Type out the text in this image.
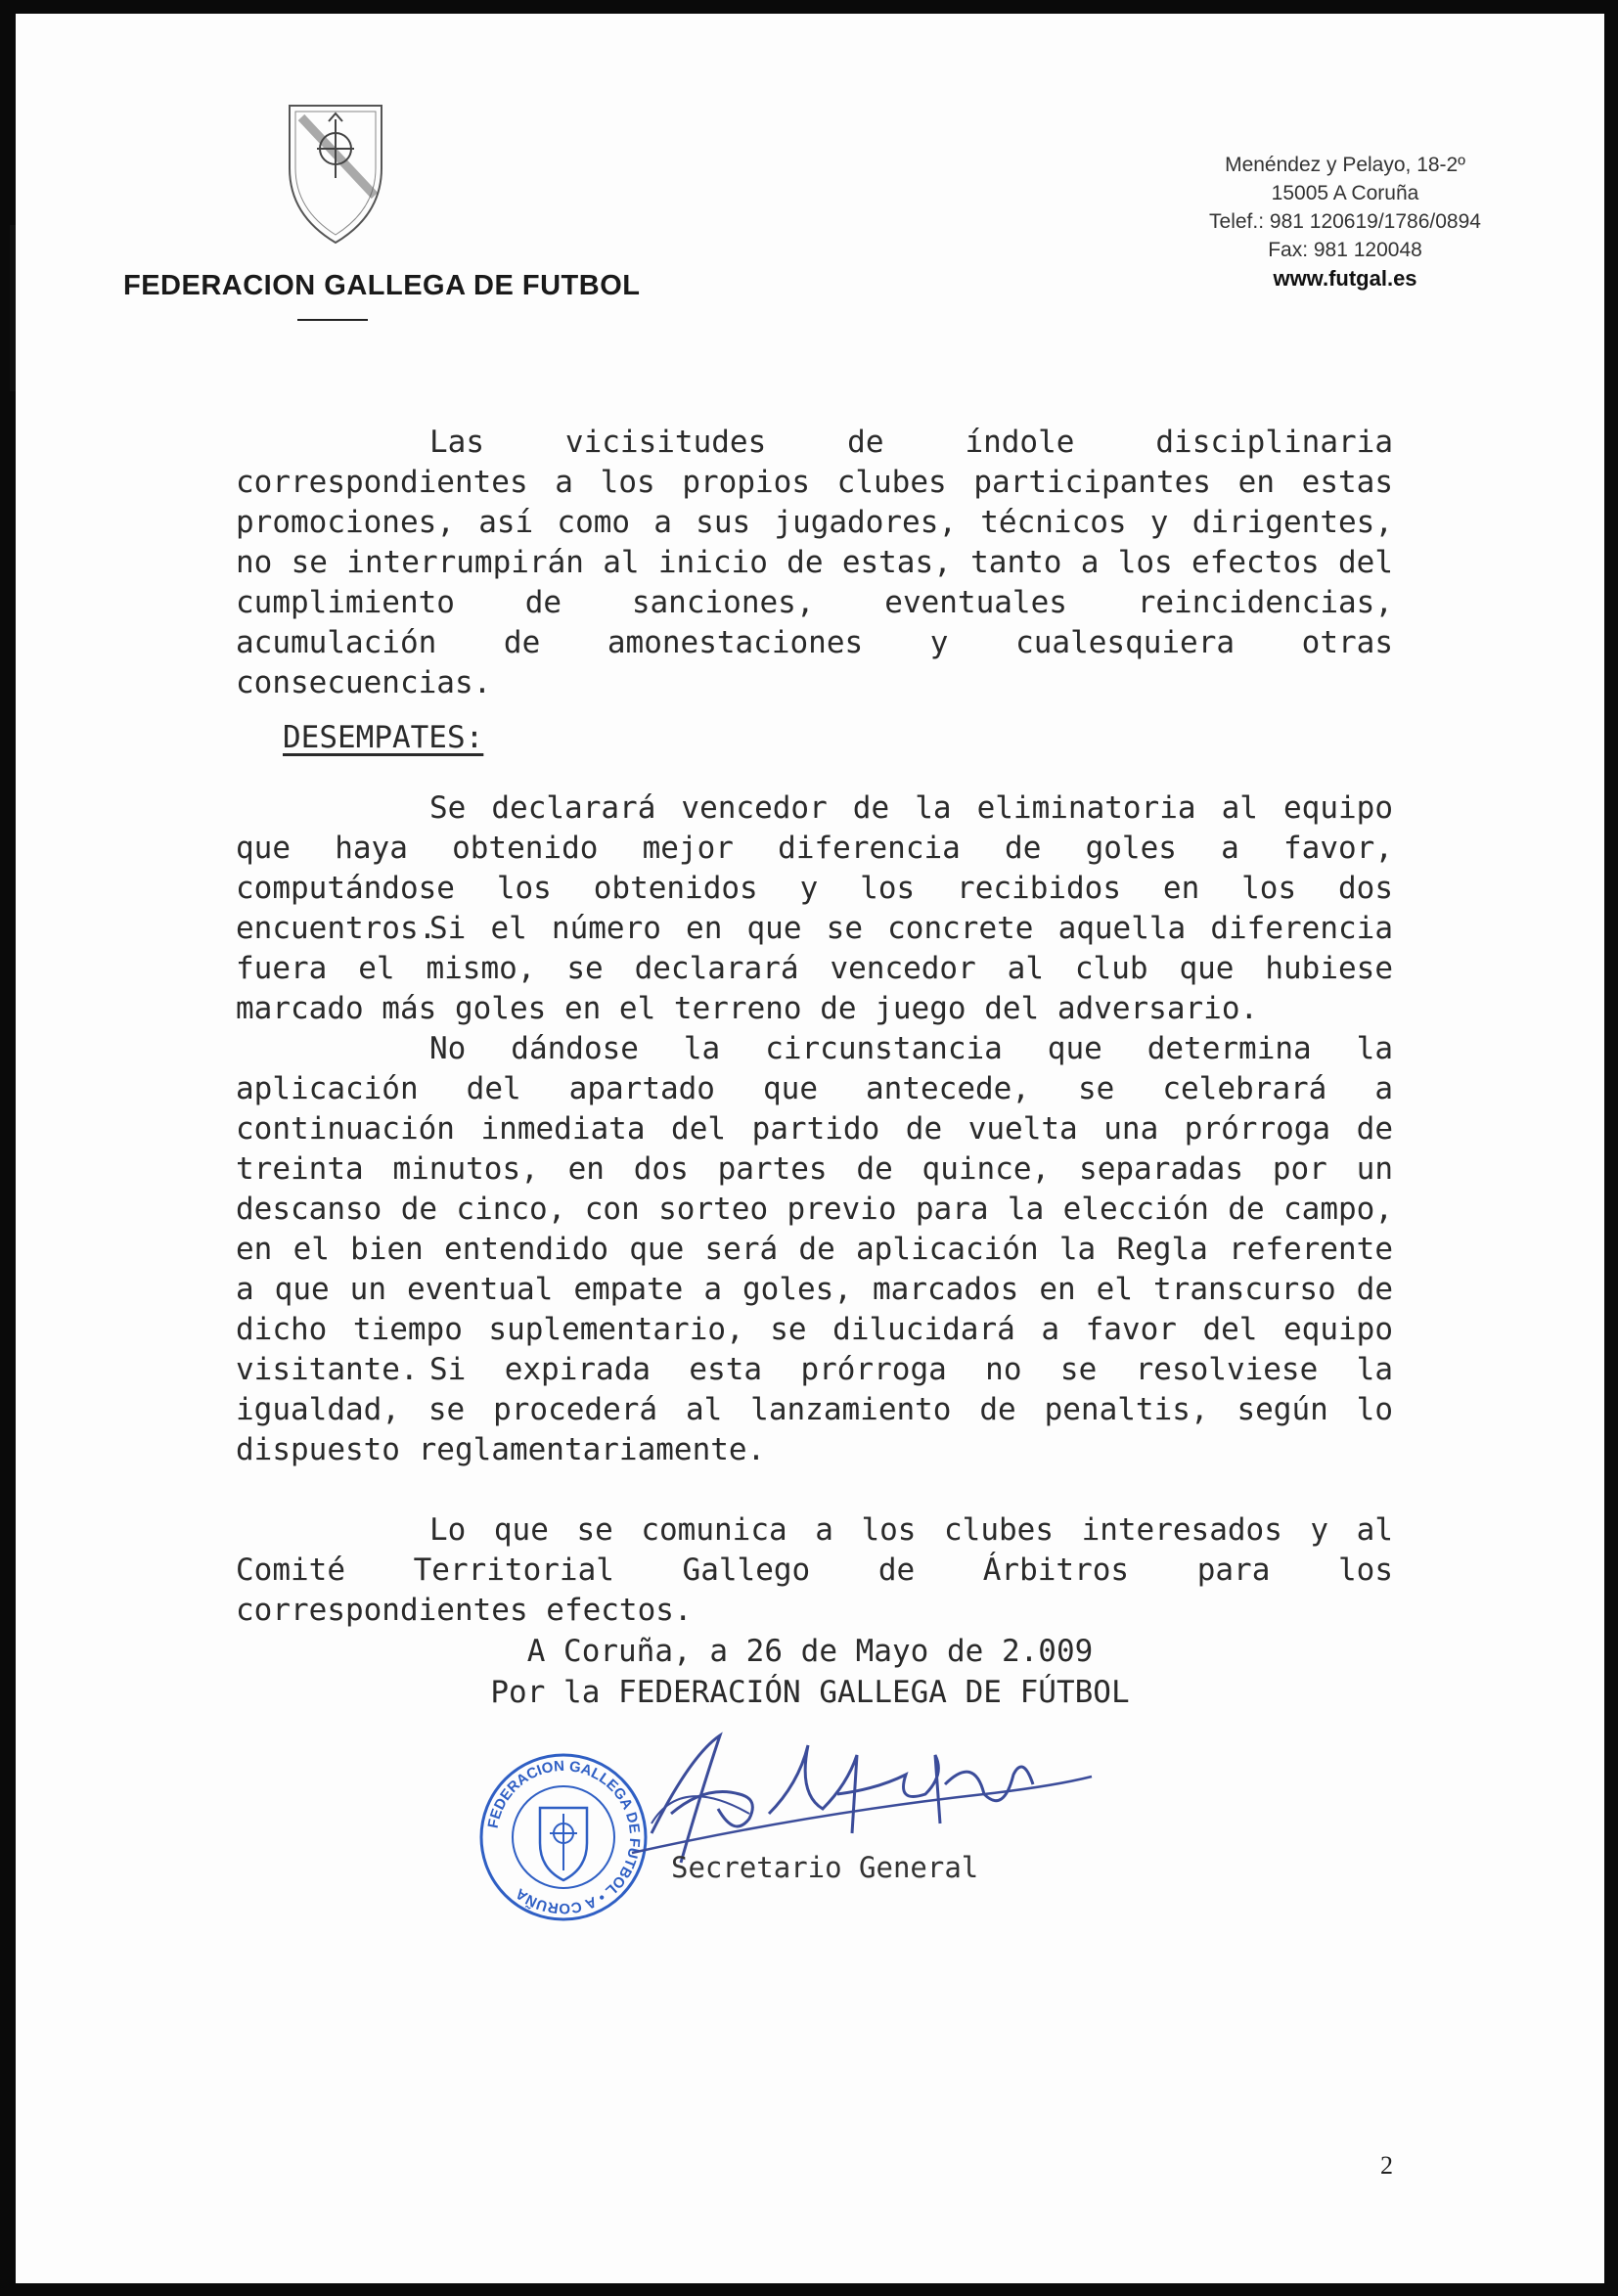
FEDERACION GALLEGA DE FUTBOL
Menéndez y Pelayo, 18-2º
15005 A Coruña
Telef.: 981 120619/1786/0894
Fax: 981 120048
www.futgal.es

Las vicisitudes de índole disciplinaria correspondientes a los propios clubes participantes en estas promociones, así como a sus jugadores, técnicos y dirigentes, no se interrumpirán al inicio de estas, tanto a los efectos del cumplimiento de sanciones, eventuales reincidencias, acumulación de amonestaciones y cualesquiera otras consecuencias.

DESEMPATES:

Se declarará vencedor de la eliminatoria al equipo que haya obtenido mejor diferencia de goles a favor, computándose los obtenidos y los recibidos en los dos encuentros.

Si el número en que se concrete aquella diferencia fuera el mismo, se declarará vencedor al club que hubiese marcado más goles en el terreno de juego del adversario.

No dándose la circunstancia que determina la aplicación del apartado que antecede, se celebrará a continuación inmediata del partido de vuelta una prórroga de treinta minutos, en dos partes de quince, separadas por un descanso de cinco, con sorteo previo para la elección de campo, en el bien entendido que será de aplicación la Regla referente a que un eventual empate a goles, marcados en el transcurso de dicho tiempo suplementario, se dilucidará a favor del equipo visitante. Si expirada esta prórroga no se resolviese la igualdad, se procederá al lanzamiento de penaltis, según lo dispuesto reglamentariamente.

Lo que se comunica a los clubes interesados y al Comité Territorial Gallego de Árbitros para los correspondientes efectos.

A Coruña, a 26 de Mayo de 2.009
Por la FEDERACIÓN GALLEGA DE FÚTBOL
FEDERACION GALLEGA DE FUTBOL • A CORUÑA
Secretario General
2
